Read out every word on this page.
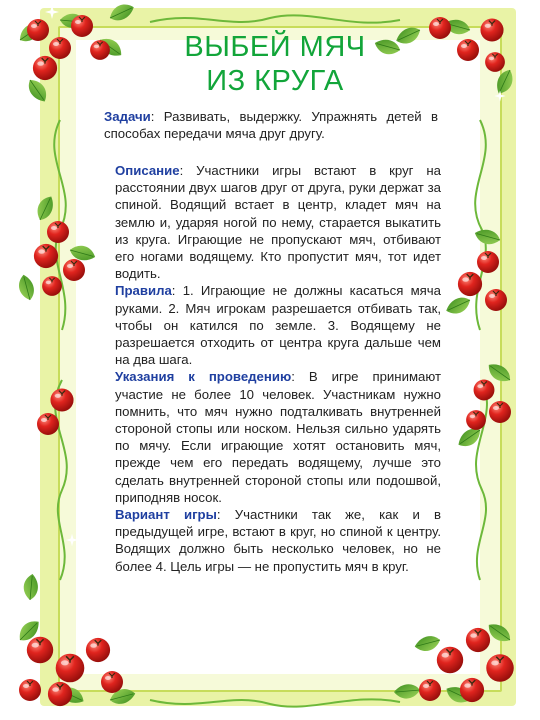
ВЫБЕЙ МЯЧ
ИЗ КРУГА
Задачи: Развивать, выдержку. Упражнять детей в способах передачи мяча друг другу.

Описание: Участники игры встают в круг на расстоянии двух шагов друг от друга, руки держат за спиной. Водящий встает в центр, кладет мяч на землю и, ударяя ногой по нему, старается выкатить из круга. Играющие не пропускают мяч, отбивают его ногами водящему. Кто пропустит мяч, тот идет водить.

Правила: 1. Играющие не должны касаться мяча руками. 2. Мяч игрокам разрешается отбивать так, чтобы он катился по земле. 3. Водящему не разрешается отходить от центра круга дальше чем на два шага.

Указания к проведению: В игре принимают участие не более 10 человек. Участникам нужно помнить, что мяч нужно подталкивать внутренней стороной стопы или носком. Нельзя сильно ударять по мячу. Если играющие хотят остановить мяч, прежде чем его передать водящему, лучше это сделать внутренней стороной стопы или подошвой, приподняв носок.

Вариант игры: Участники так же, как и в предыдущей игре, встают в круг, но спиной к центру. Водящих должно быть несколько человек, но не более 4. Цель игры — не пропустить мяч в круг.
